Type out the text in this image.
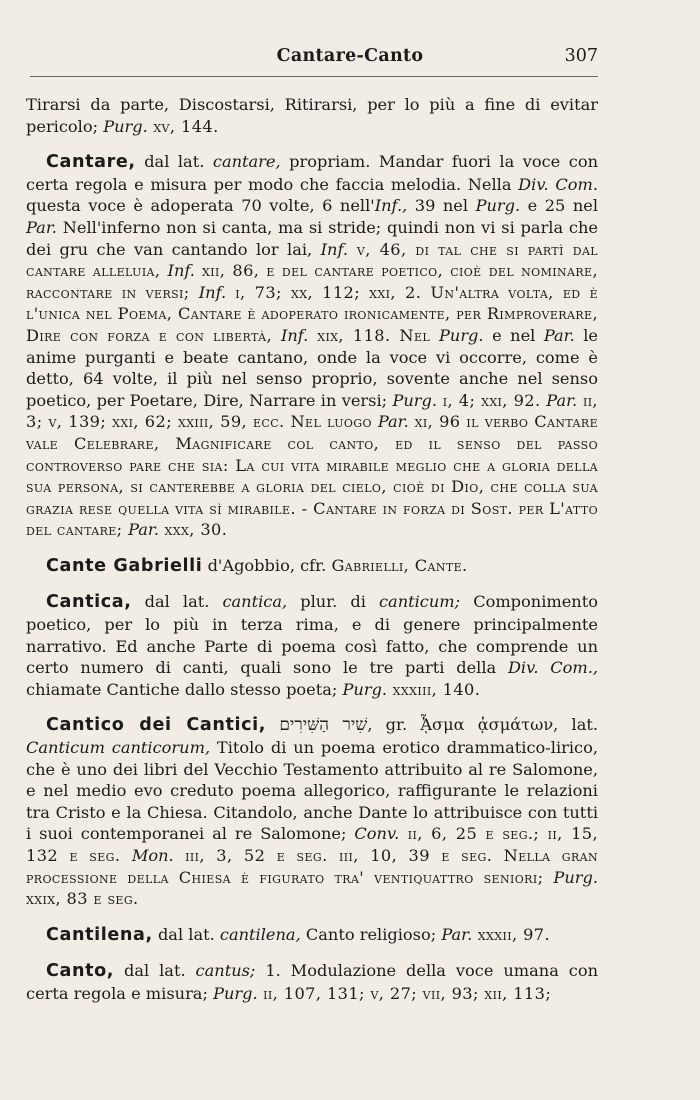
Cantare-Canto	307

Tirarsi da parte, Discostarsi, Ritirarsi, per lo più a fine di evitar pericolo; Purg. xv, 144.

Cantare, dal lat. cantare, propriam. Mandar fuori la voce con certa regola e misura per modo che faccia melodia. Nella Div. Com. questa voce è adoperata 70 volte, 6 nell'Inf., 39 nel Purg. e 25 nel Par. Nell'inferno non si canta, ma si stride; quindi non vi si parla che dei gru che van cantando lor lai, Inf. v, 46, di tal che si partì dal cantare alleluia, Inf. xii, 86, e del cantare poetico, cioè del nominare, raccontare in versi; Inf. i, 73; xx, 112; xxi, 2. Un'altra volta, ed è l'unica nel Poema, Cantare è adoperato ironicamente, per Rimproverare, Dire con forza e con libertà, Inf. xix, 118. Nel Purg. e nel Par. le anime purganti e beate cantano, onde la voce vi occorre, come è detto, 64 volte, il più nel senso proprio, sovente anche nel senso poetico, per Poetare, Dire, Narrare in versi; Purg. i, 4; xxi, 92. Par. ii, 3; v, 139; xxi, 62; xxiii, 59, ecc. Nel luogo Par. xi, 96 il verbo Cantare vale Celebrare, Magnificare col canto, ed il senso del passo controverso pare che sia: La cui vita mirabile meglio che a gloria della sua persona, si canterebbe a gloria del cielo, cioè di Dio, che colla sua grazia rese quella vita sì mirabile. - Cantare in forza di Sost. per L'atto del cantare; Par. xxx, 30.

Cante Gabrielli d'Agobbio, cfr. Gabrielli, Cante.

Cantica, dal lat. cantica, plur. di canticum; Componimento poetico, per lo più in terza rima, e di genere principalmente narrativo. Ed anche Parte di poema così fatto, che comprende un certo numero di canti, quali sono le tre parti della Div. Com., chiamate Cantiche dallo stesso poeta; Purg. xxxiii, 140.

Cantico dei Cantici, שִׁיר הַשִּׁירִים, gr. ᾎσμα ᾀσμάτων, lat. Canticum canticorum, Titolo di un poema erotico drammatico-lirico, che è uno dei libri del Vecchio Testamento attribuito al re Salomone, e nel medio evo creduto poema allegorico, raffigurante le relazioni tra Cristo e la Chiesa. Citandolo, anche Dante lo attribuisce con tutti i suoi contemporanei al re Salomone; Conv. ii, 6, 25 e seg.; ii, 15, 132 e seg. Mon. iii, 3, 52 e seg. iii, 10, 39 e seg. Nella gran processione della Chiesa è figurato tra' ventiquattro seniori; Purg. xxix, 83 e seg.

Cantilena, dal lat. cantilena, Canto religioso; Par. xxxii, 97.

Canto, dal lat. cantus; 1. Modulazione della voce umana con certa regola e misura; Purg. ii, 107, 131; v, 27; vii, 93; xii, 113;
